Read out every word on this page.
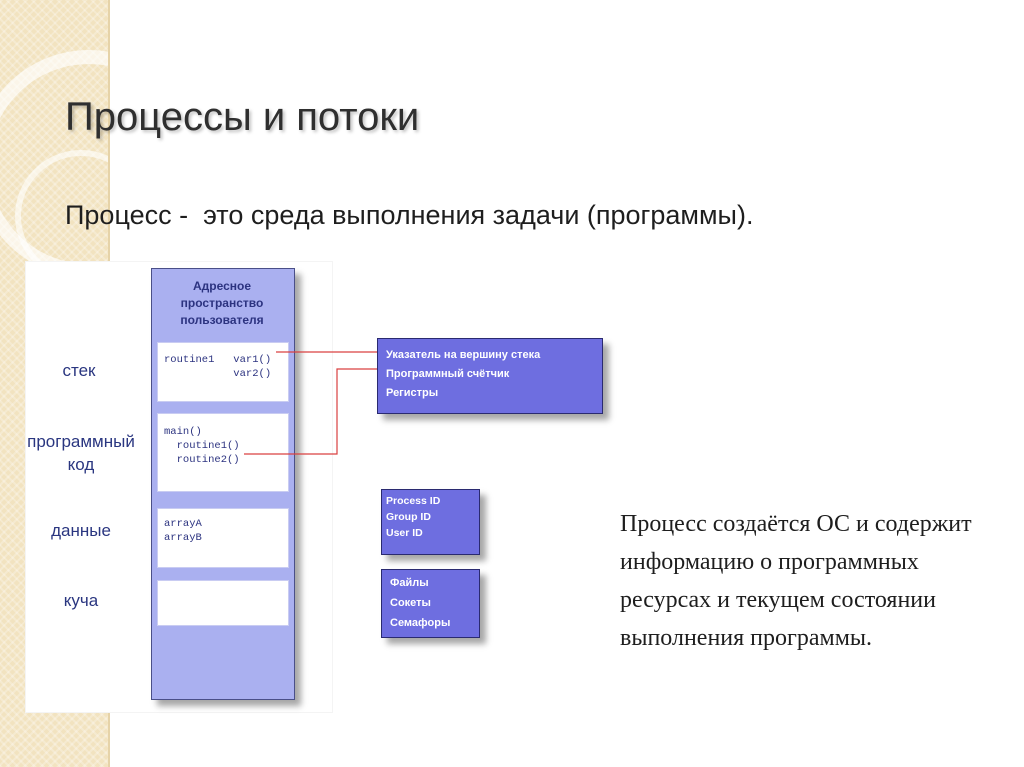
Процессы и потоки

Процесс -  это среда выполнения задачи (программы).

стек
программный
код
данные
куча
Адресное
пространство
пользователя
routine1   var1()
var2()
main()
routine1()
routine2()
arrayA
arrayB
Указатель на вершину стека
Программный счётчик
Регистры
Process ID
Group ID
User ID
Файлы
Сокеты
Семафоры

Процесс создаётся ОС и содержит информацию о программных ресурсах и текущем состоянии выполнения программы.
